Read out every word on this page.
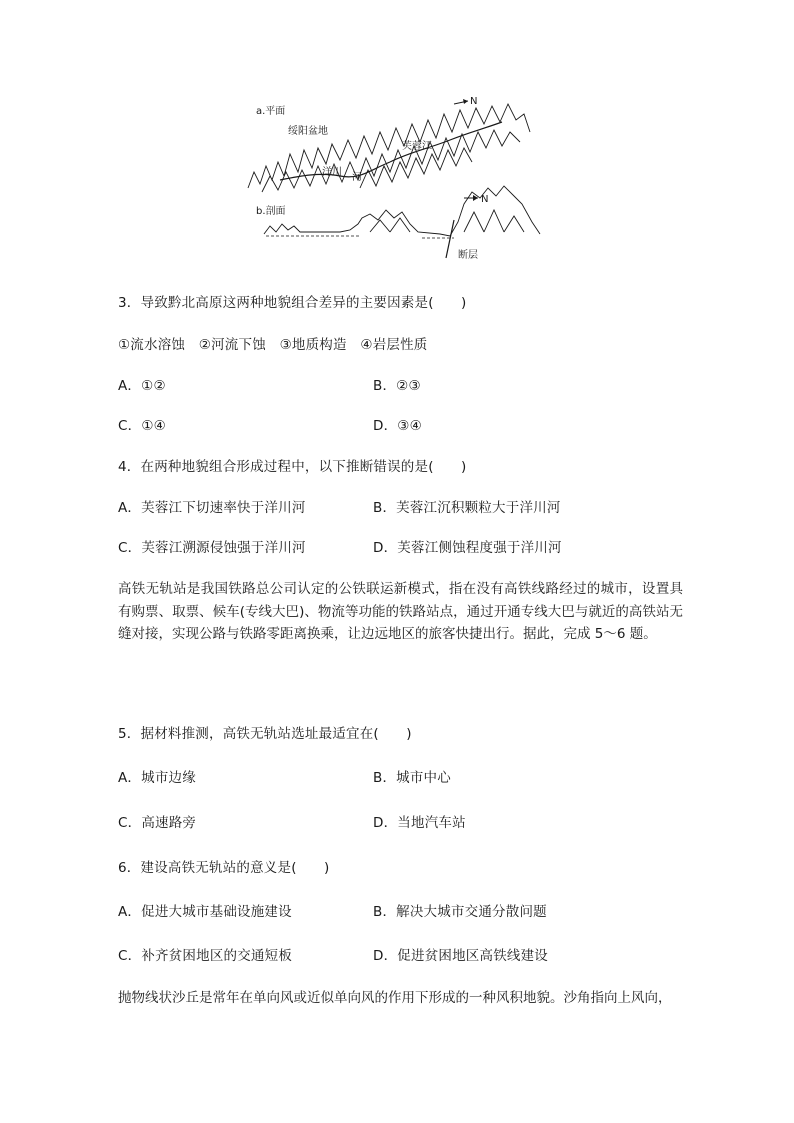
a.平面
绥阳盆地
芙蓉江
洋川 河
N
b.剖面
N
断层
3．导致黔北高原这两种地貌组合差异的主要因素是(　　)
①流水溶蚀　②河流下蚀　③地质构造　④岩层性质
A．①②	B．②③
C．①④	D．③④
4．在两种地貌组合形成过程中，以下推断错误的是(　　)
A．芙蓉江下切速率快于洋川河	B．芙蓉江沉积颗粒大于洋川河
C．芙蓉江溯源侵蚀强于洋川河	D．芙蓉江侧蚀程度强于洋川河
高铁无轨站是我国铁路总公司认定的公铁联运新模式，指在没有高铁线路经过的城市，设置具有购票、取票、候车(专线大巴)、物流等功能的铁路站点，通过开通专线大巴与就近的高铁站无缝对接，实现公路与铁路零距离换乘，让边远地区的旅客快捷出行。据此，完成 5～6 题。
5．据材料推测，高铁无轨站选址最适宜在(　　)
A．城市边缘	B．城市中心
C．高速路旁	D．当地汽车站
6．建设高铁无轨站的意义是(　　)
A．促进大城市基础设施建设	B．解决大城市交通分散问题
C．补齐贫困地区的交通短板	D．促进贫困地区高铁线建设
抛物线状沙丘是常年在单向风或近似单向风的作用下形成的一种风积地貌。沙角指向上风向，
